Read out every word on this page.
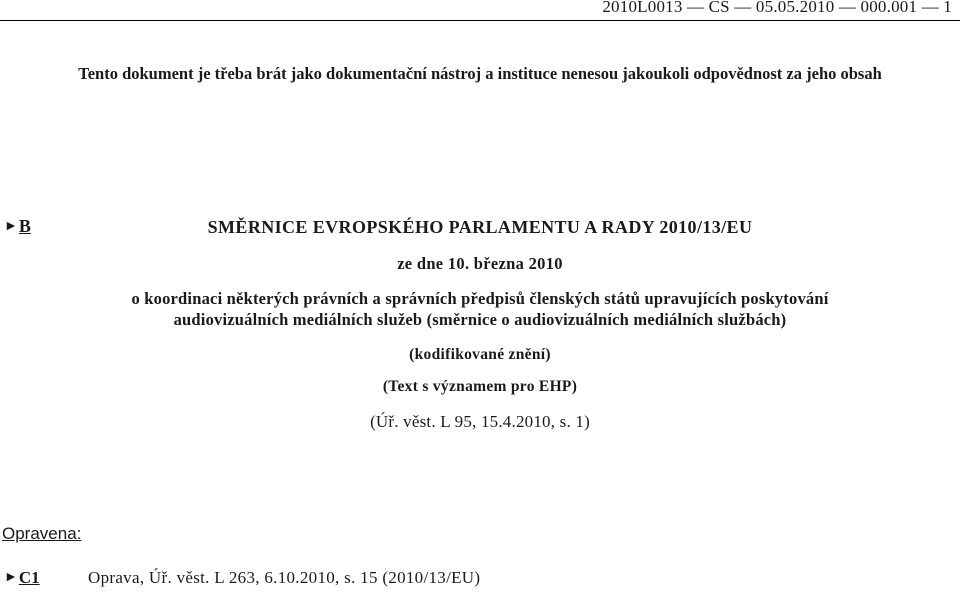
2010L0013 — CS — 05.05.2010 — 000.001 — 1
Tento dokument je třeba brát jako dokumentační nástroj a instituce nenesou jakoukoli odpovědnost za jeho obsah
►B	SMĚRNICE EVROPSKÉHO PARLAMENTU A RADY 2010/13/EU
ze dne 10. března 2010
o koordinaci některých právních a správních předpisů členských států upravujících poskytování
audiovizuálních mediálních služeb (směrnice o audiovizuálních mediálních službách)
(kodifikované znění)
(Text s významem pro EHP)
(Úř. věst. L 95, 15.4.2010, s. 1)
Opravena:
►C1	Oprava, Úř. věst. L 263, 6.10.2010, s. 15 (2010/13/EU)
